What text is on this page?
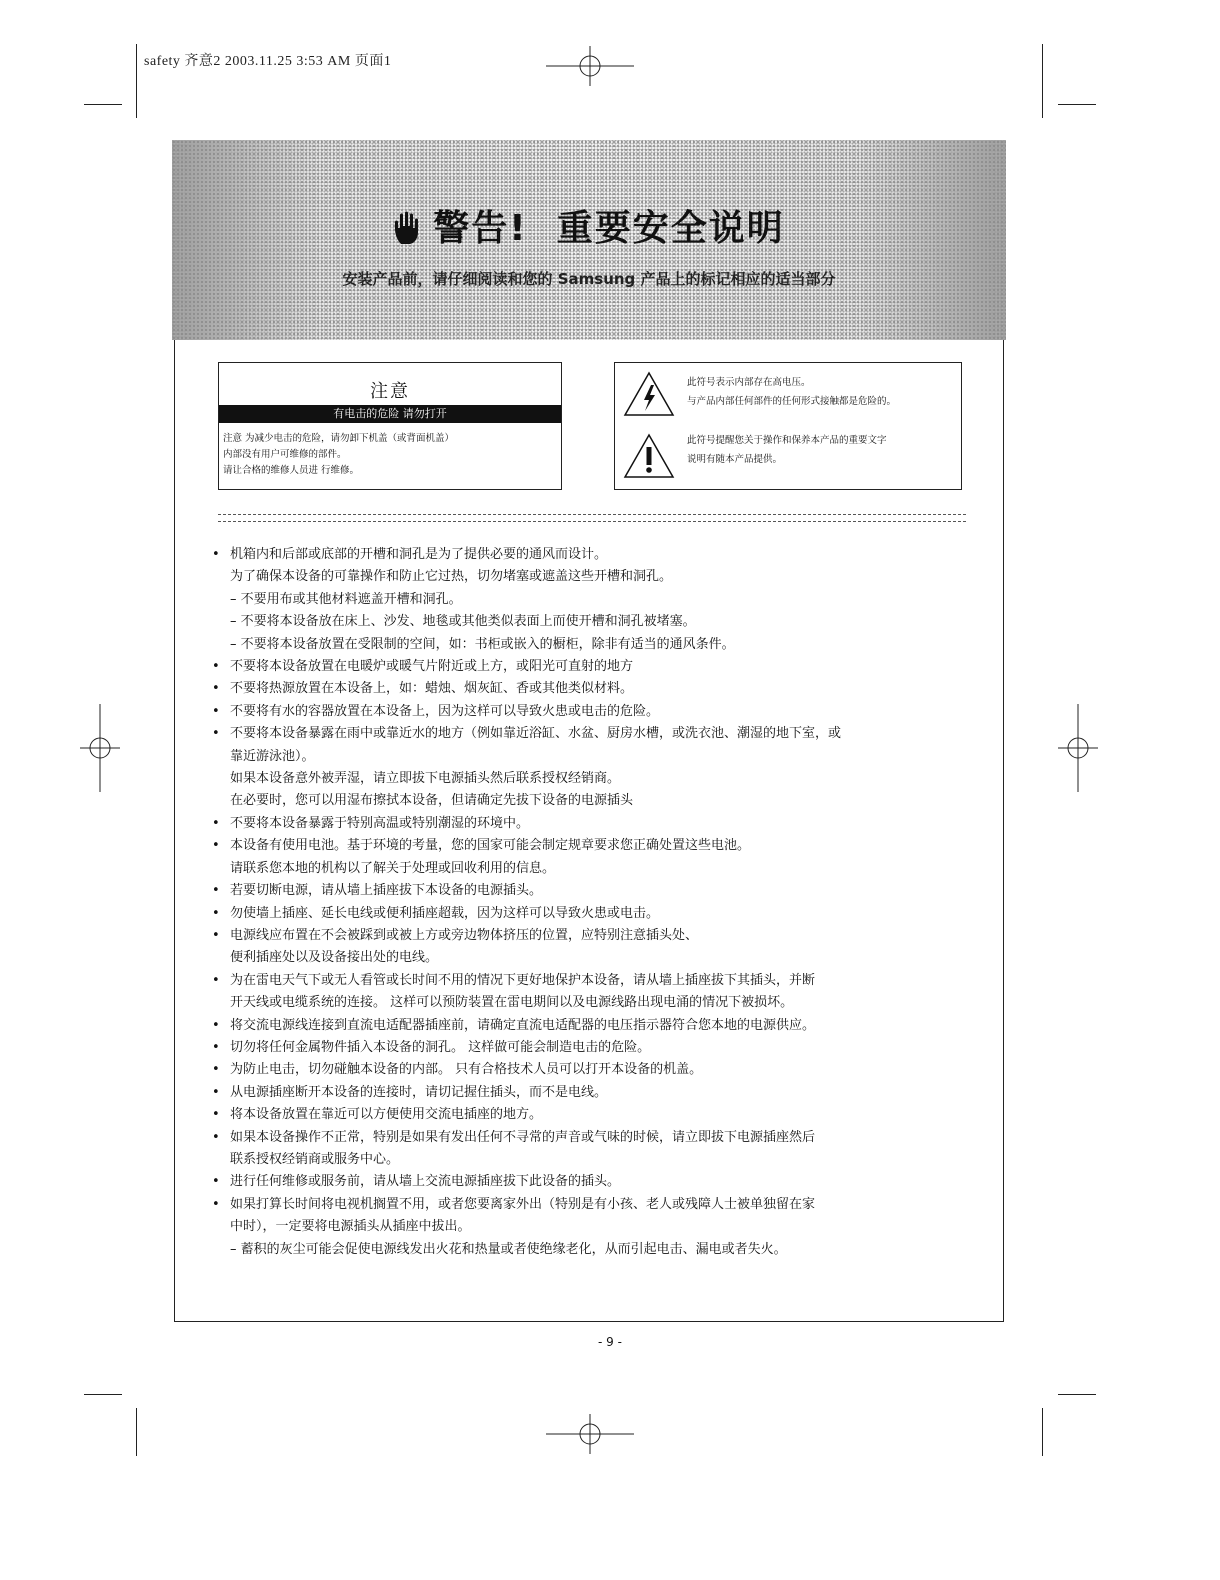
safety 齐意2 2003.11.25 3:53 AM 页面1
警告! 重要安全说明
安装产品前，请仔细阅读和您的 Samsung 产品上的标记相应的适当部分
注意
有电击的危险 请勿打开
注意 为减少电击的危险，请勿卸下机盖（或背面机盖）
内部没有用户可维修的部件。
请让合格的维修人员进 行维修。
此符号表示内部存在高电压。
与产品内部任何部件的任何形式接触都是危险的。
此符号提醒您关于操作和保养本产品的重要文字
说明有随本产品提供。
• 机箱内和后部或底部的开槽和洞孔是为了提供必要的通风而设计。
为了确保本设备的可靠操作和防止它过热，切勿堵塞或遮盖这些开槽和洞孔。
– 不要用布或其他材料遮盖开槽和洞孔。
– 不要将本设备放在床上、沙发、地毯或其他类似表面上而使开槽和洞孔被堵塞。
– 不要将本设备放置在受限制的空间，如：书柜或嵌入的橱柜，除非有适当的通风条件。
• 不要将本设备放置在电暖炉或暖气片附近或上方，或阳光可直射的地方
• 不要将热源放置在本设备上，如：蜡烛、烟灰缸、香或其他类似材料。
• 不要将有水的容器放置在本设备上，因为这样可以导致火患或电击的危险。
• 不要将本设备暴露在雨中或靠近水的地方（例如靠近浴缸、水盆、厨房水槽，或洗衣池、潮湿的地下室，或
靠近游泳池）。
如果本设备意外被弄湿，请立即拔下电源插头然后联系授权经销商。
在必要时，您可以用湿布擦拭本设备，但请确定先拔下设备的电源插头
• 不要将本设备暴露于特别高温或特别潮湿的环境中。
• 本设备有使用电池。基于环境的考量，您的国家可能会制定规章要求您正确处置这些电池。
请联系您本地的机构以了解关于处理或回收利用的信息。
• 若要切断电源，请从墙上插座拔下本设备的电源插头。
• 勿使墙上插座、延长电线或便利插座超载，因为这样可以导致火患或电击。
• 电源线应布置在不会被踩到或被上方或旁边物体挤压的位置，应特别注意插头处、
便利插座处以及设备接出处的电线。
• 为在雷电天气下或无人看管或长时间不用的情况下更好地保护本设备，请从墙上插座拔下其插头，并断
开天线或电缆系统的连接。 这样可以预防装置在雷电期间以及电源线路出现电涌的情况下被损坏。
• 将交流电源线连接到直流电适配器插座前，请确定直流电适配器的电压指示器符合您本地的电源供应。
• 切勿将任何金属物件插入本设备的洞孔。 这样做可能会制造电击的危险。
• 为防止电击，切勿碰触本设备的内部。 只有合格技术人员可以打开本设备的机盖。
• 从电源插座断开本设备的连接时，请切记握住插头，而不是电线。
• 将本设备放置在靠近可以方便使用交流电插座的地方。
• 如果本设备操作不正常，特别是如果有发出任何不寻常的声音或气味的时候，请立即拔下电源插座然后
联系授权经销商或服务中心。
• 进行任何维修或服务前，请从墙上交流电源插座拔下此设备的插头。
• 如果打算长时间将电视机搁置不用，或者您要离家外出（特别是有小孩、老人或残障人士被单独留在家
中时），一定要将电源插头从插座中拔出。
– 蓄积的灰尘可能会促使电源线发出火花和热量或者使绝缘老化，从而引起电击、漏电或者失火。
- 9 -
